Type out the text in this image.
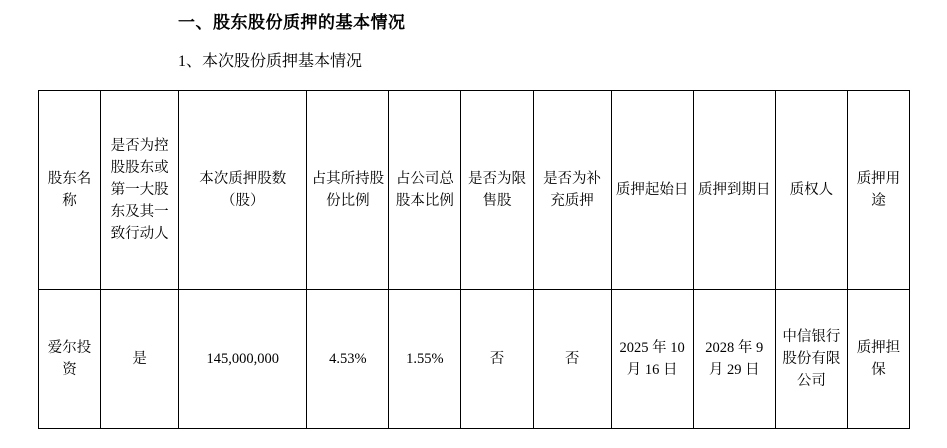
一、股东股份质押的基本情况
1、本次股份质押基本情况
股东名称	是否为控股股东或第一大股东及其一致行动人	本次质押股数（股）	占其所持股份比例	占公司总股本比例	是否为限售股	是否为补充质押	质押起始日	质押到期日	质权人	质押用途
爱尔投资	是	145,000,000	4.53%	1.55%	否	否	2025 年 10 月 16 日	2028 年 9 月 29 日	中信银行股份有限公司	质押担保
